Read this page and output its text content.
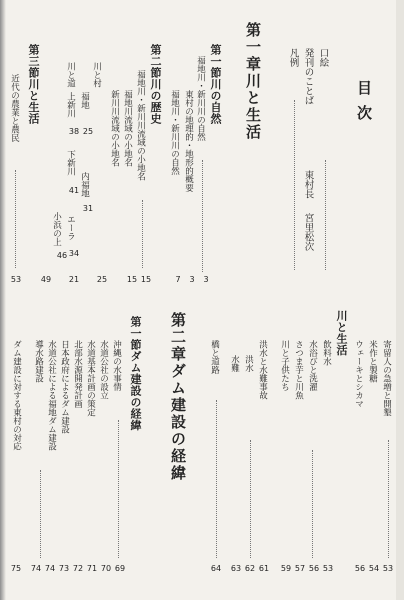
目次
口絵
発刊のことば
東村長
宮里松次
凡例
第一章川と生活
第一節川の自然
福地川・新川川の自然
東村の地理的・地形的概要
福地川・新川川の自然
3
3
7
第二節川の歴史
福地川・新川川流域の小地名
福地川流域の小地名
新川川流域の小地名
15
15
川と村
福地
25
内福地
31
上新川
38
下新川
41
エーラ
34
小浜の上
46
25
川と道
21
第三節川と生活
近代の農業と農民
53	49
川と生活
寄留人の急増と開墾
米作と製糖
ウェーキとシカマ
53
54
56
飲料水
水浴びと洗濯
さつま芋と川魚
川と子供たち
53
56
57
59
洪水と水難事故
洪水
水難
61
62
63
橋と道路
64
第二章ダム建設の経緯
第一節ダム建設の経緯
沖縄の水事情
69
水道公社の設立
70
水道基本計画の策定
71
北部水源開発計画
72
日本政府によるダム建設
73
水道公社による福地ダム建設
74
導水路建設
74
ダム建設に対する東村の対応
75
